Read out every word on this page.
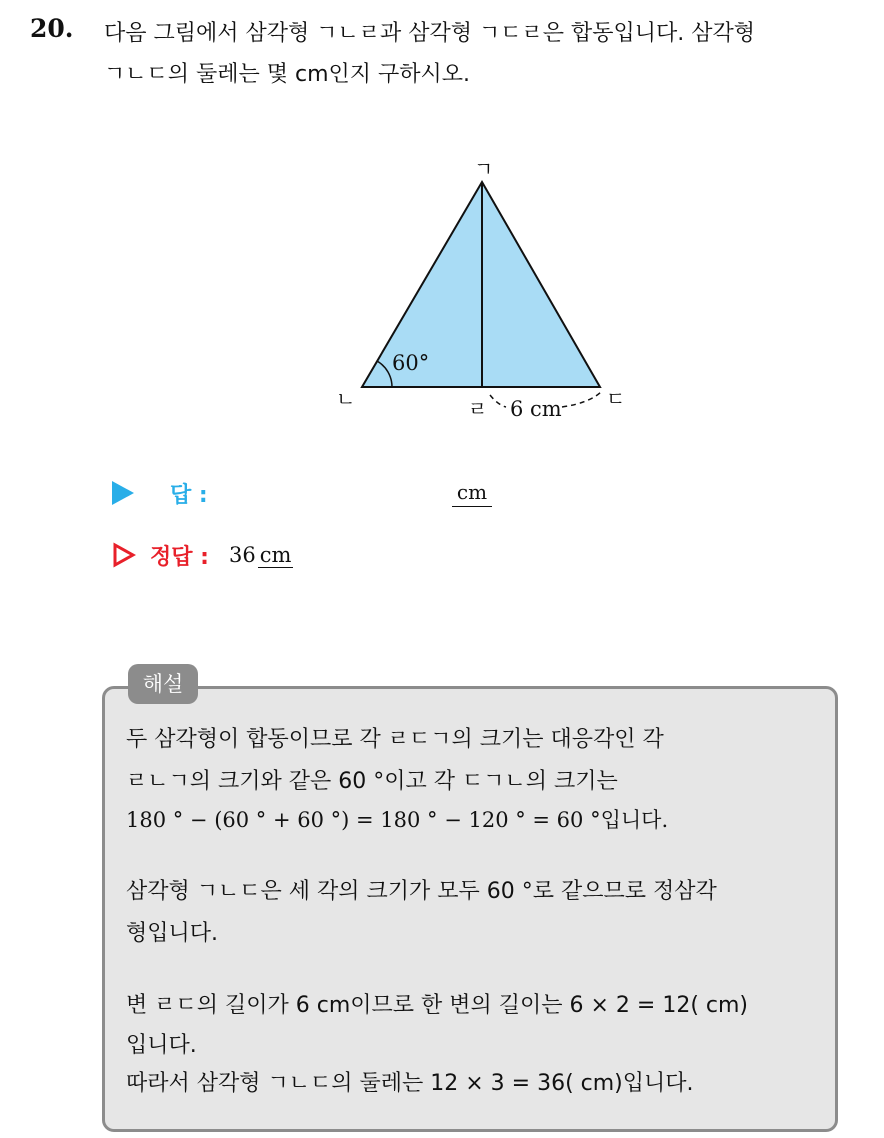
20. 다음 그림에서 삼각형 ㄱㄴㄹ과 삼각형 ㄱㄷㄹ은 합동입니다. 삼각형
ㄱㄴㄷ의 둘레는 몇 cm인지 구하시오.
ㄱ
ㄴ	ㄹ	ㄷ
60°
6 cm
답 :	cm
정답 : 36 cm
해설
두 삼각형이 합동이므로 각 ㄹㄷㄱ의 크기는 대응각인 각
ㄹㄴㄱ의 크기와 같은 60 °이고 각 ㄷㄱㄴ의 크기는
180 ° − (60 ° + 60 °) = 180 ° − 120 ° = 60 °입니다.
삼각형 ㄱㄴㄷ은 세 각의 크기가 모두 60 °로 같으므로 정삼각
형입니다.
변 ㄹㄷ의 길이가 6 cm이므로 한 변의 길이는 6 × 2 = 12( cm)
입니다.
따라서 삼각형 ㄱㄴㄷ의 둘레는 12 × 3 = 36( cm)입니다.
